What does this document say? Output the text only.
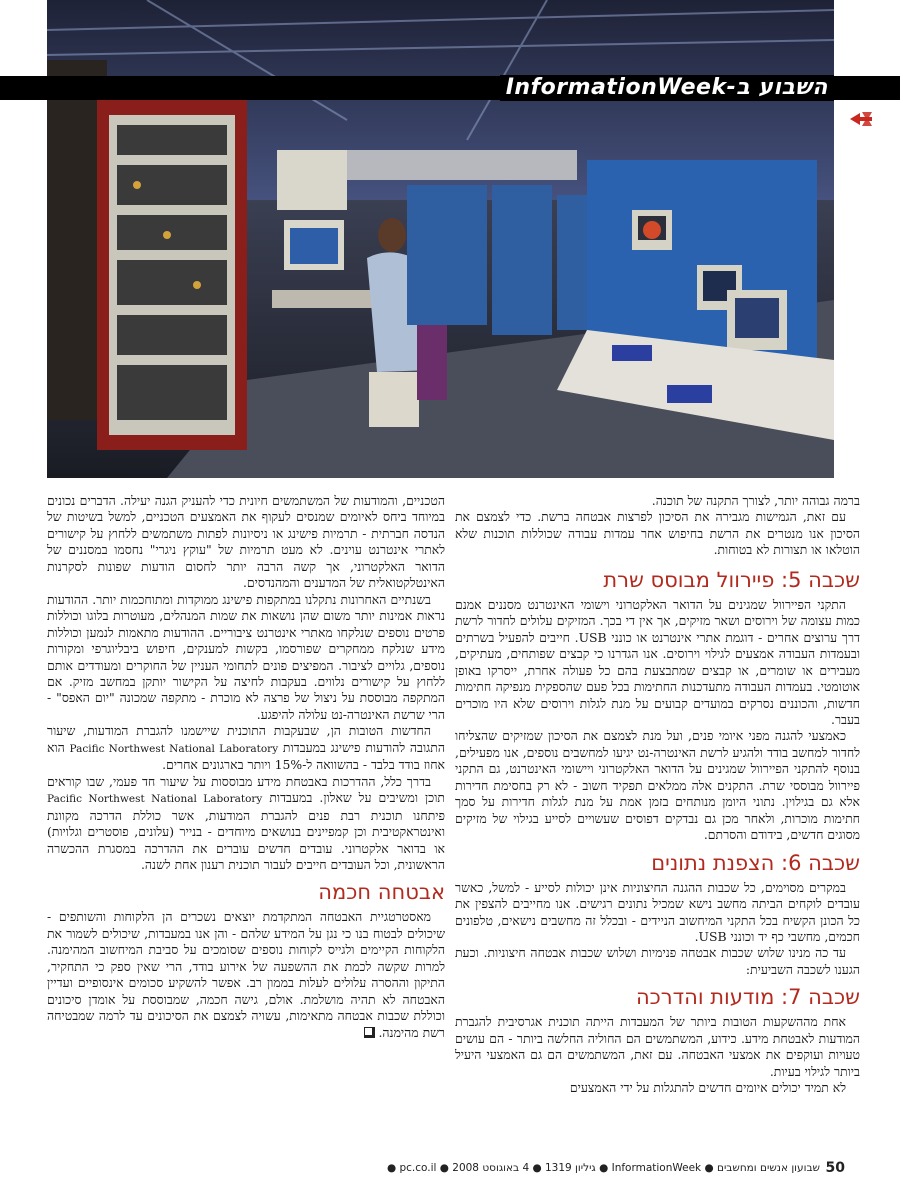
השבוע ב-InformationWeek

ברמה גבוהה יותר, לצורך התקנה של תוכנה.

עם זאת, הגמישות מגבירה את הסיכון לפרצות אבטחה ברשת. כדי לצמצם את הסיכון אנו מנטרים את הרשת בחיפוש אחר עמדות עבודה שכוללות תוכנות שלא הוטלאו או תצורות לא בטוחות.

שכבה 5: פיירוול מבוסס שרת

התקני הפיירוול שמגינים על הדואר האלקטרוני וישומי האינטרנט מסננים אמנם כמות עצומה של וירוסים ושאר מזיקים, אך אין די בכך. המזיקים עלולים לחדור לרשת דרך ערוצים אחרים - דוגמת אתרי אינטרנט או כונני USB. חייבים להפעיל בשרתים ובעמדות העבודה אמצעים לגילוי וירוסים. אנו הגדרנו כי קבצים שפותחים, מעתיקים, מעבירים או שומרים, או קבצים שמתבצעת בהם כל פעולה אחרת, ייסרקו באופן אוטומטי. בעמדות העבודה מתעדכנות החתימות בכל פעם שהספקית מנפיקה חתימות חדשות, והכוננים נסרקים במועדים קבועים על מנת לגלות וירוסים שלא היו מוכרים בעבר.

כאמצעי להגנה מפני איומי פנים, ועל מנת לצמצם את הסיכון שמזיקים שהצליחו לחדור למחשב בודד ולהגיע לרשת האינטרה-נט יגיעו למחשבים נוספים, אנו מפעילים, בנוסף להתקני הפיירוול שמגינים על הדואר האלקטרוני ויישומי האינטרנט, גם התקני פיירוול מבוססי שרת. התקנים אלה ממלאים תפקיד חשוב - לא רק בחסימת חדירות אלא גם בגילוין. נתוני היומן מנותחים בזמן אמת על מנת לגלות חדירות על סמך חתימות מוכרות, ולאחר מכן גם נבדקים דפוסים שעשויים לסייע בגילוי של מזיקים מסוגים חדשים, בידודם והסרתם.

שכבה 6: הצפנת נתונים

במקרים מסוימים, כל שכבות ההגנה החיצוניות אינן יכולות לסייע - למשל, כאשר עובדים לוקחים הביתה מחשב נישא שמכיל נתונים רגישים. אנו מחייבים להצפין את כל הכונן הקשיח בכל התקני המיחשוב הניידים - ובכלל זה מחשבים נישאים, טלפונים חכמים, מחשבי כף יד וכונני USB.

עד כה מנינו שלוש שכבות אבטחה פנימיות ושלוש שכבות אבטחה חיצוניות. וכעת הגענו לשכבה השביעית:

שכבה 7: מודעות והדרכה

אחת מההשקעות הטובות ביותר של המעבדות הייתה תוכנית אגרסיבית להגברת המודעות לאבטחת מידע. כידוע, המשתמשים הם החוליה החלשה ביותר - הם עושים טעויות ועוקפים את אמצעי האבטחה. עם זאת, המשתמשים הם גם האמצעי היעיל ביותר לגילוי בעיות.

לא תמיד יכולים איומים חדשים להתגלות על ידי האמצעים

הטכניים, והמודעות של המשתמשים חיונית כדי להעניק הגנה יעילה. הדברים נכונים במיוחד ביחס לאיומים שמנסים לעקוף את האמצעים הטכניים, למשל בשיטות של הנדסה חברתית - תרמיות פישינג או ניסיונות לפתות משתמשים ללחוץ על קישורים לאתרי אינטרנט עוינים. לא מעט תרמיות של "עוקץ ניגרי" נחסמו במסננים של הדואר האלקטרוני, אך קשה הרבה יותר לחסום הודעות שפונות לסקרנות האינטלקטואלית של המדענים והמהנדסים.

בשנתיים האחרונות נתקלנו במתקפות פישינג ממוקדות ומתוחכמות יותר. ההודעות נראות אמינות יותר משום שהן נושאות את שמות המנהלים, מעוטרות בלוגו וכוללות פרטים נוספים שנלקחו מאתרי אינטרנט ציבוריים. ההודעות מתאמות לנמען וכוללות מידע שנלקח ממחקרים שפורסמו, בקשות למענקים, חיפוש ביבליוגרפי ומקורות נוספים, גלויים לציבור. המפיצים פונים לתחומי העניין של החוקרים ומעודדים אותם ללחוץ על קישורים נלווים. בעקבות לחיצה על הקישור יותקן במחשב מזיק. אם המתקפה מבוססת על ניצול של פרצה לא מוכרת - מתקפה שמכונה "יום האפס" - הרי שרשת האינטרה-נט עלולה להיפגע.

החדשות הטובות הן, שבעקבות התוכנית שיישמנו להגברת המודעות, שיעור התגובה להודעות פישינג במעבדות Pacific Northwest National Laboratory הוא אחוז בודד בלבד - בהשוואה ל-15% ויותר בארגונים אחרים.

בדרך כלל, ההדרכות באבטחת מידע מבוססות על שיעור חד פעמי, שבו קוראים תוכן ומשיבים על שאלון. במעבדות Pacific Northwest National Laboratory פיתחנו תוכנית רבת פנים להגברת המודעות, אשר כוללת הדרכה מקוונת ואינטראקטיבית וכן קמפיינים בנושאים מיוחדים - בנייר (עלונים, פוסטרים וגלויות) או בדואר אלקטרוני. עובדים חדשים עוברים את ההדרכה במסגרת ההכשרה הראשונית, וכל העובדים חייבים לעבור תוכנית רענון אחת לשנה.

אבטחה חכמה

מאסטרטגיית האבטחה המתקדמת יוצאים נשכרים הן הלקוחות והשותפים - שיכולים לבטוח בנו כי נגן על המידע שלהם - והן אנו במעבדות, שיכולים לשמור את הלקוחות הקיימים ולגייס לקוחות נוספים שסומכים על סביבת המיחשוב המהימנה. למרות שקשה לכמת את ההשפעה של אירוע בודד, הרי שאין ספק כי התחקיר, התיקון וההסרה עלולים לעלות בממון רב. אפשר להשקיע סכומים אינסופיים ועדיין האבטחה לא תהיה מושלמת. אולם, גישה חכמה, שמבוססת על אומדן סיכונים וכוללת שכבות אבטחה מתאימות, עשויה לצמצם את הסיכונים עד לרמה שמבטיחה רשת מהימנה.

50
שבועון אנשים ומחשבים ● InformationWeek ● גיליון 1319 ● 4 באוגוסט 2008 ● pc.co.il ●
